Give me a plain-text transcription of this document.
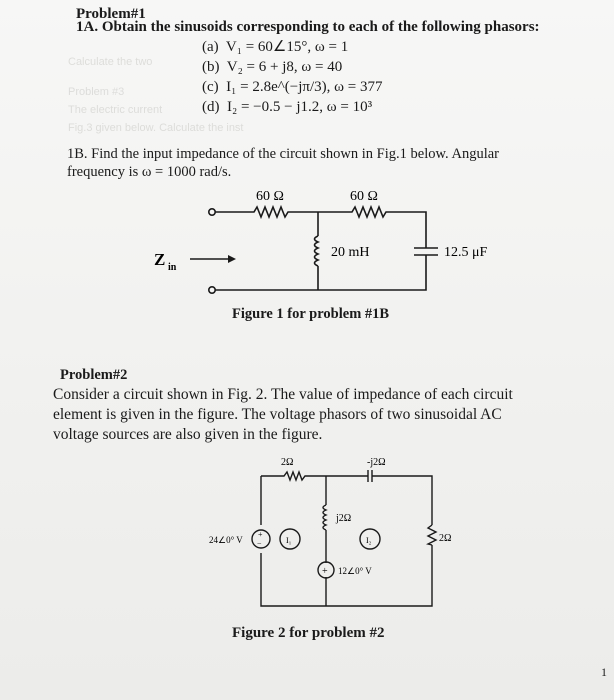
Calculate the two
Problem #3
The electric current
Fig.3 given below. Calculate the inst
Problem#1
1A. Obtain the sinusoids corresponding to each of the following phasors:
(a) V₁ = 60∠15°, ω = 1
(b) V₂ = 6 + j8, ω = 40
(c) I₁ = 2.8e^(−jπ/3), ω = 377
(d) I₂ = −0.5 − j1.2, ω = 10³
1B. Find the input impedance of the circuit shown in Fig.1 below. Angular
frequency is ω = 1000 rad/s.
60 Ω	60 Ω
20 mH	12.5 μF
Z in
Figure 1 for problem #1B
Problem#2
Consider a circuit shown in Fig. 2. The value of impedance of each circuit
element is given in the figure. The voltage phasors of two sinusoidal AC
voltage sources are also given in the figure.
+
−
+
2Ω	-j2Ω
j2Ω
2Ω
24∠0° V
12∠0° V
I₁	I₂
Figure 2 for problem #2
1
